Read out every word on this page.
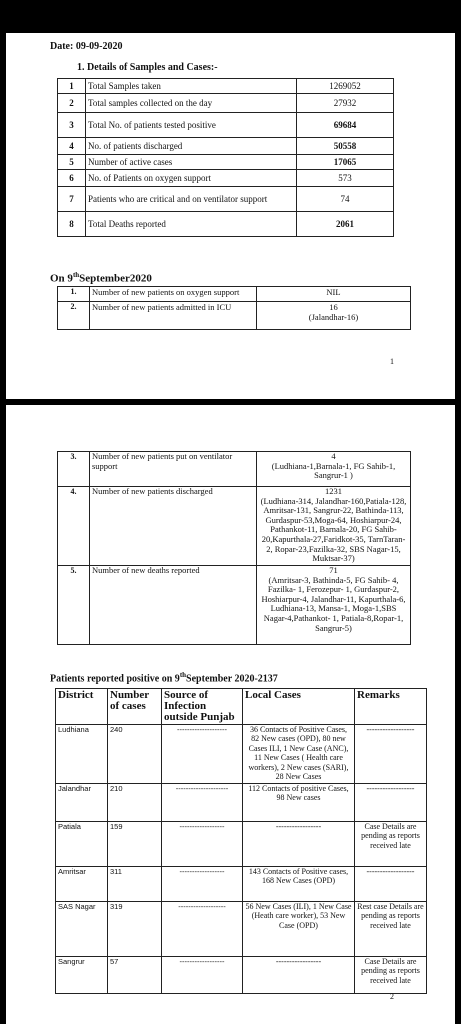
Date: 09-09-2020
1. Details of Samples and Cases:-
1	Total Samples taken	1269052
2	Total samples collected on the day	27932
3	Total No. of patients tested positive	69684
4	No. of patients discharged	50558
5	Number of active cases	17065
6	No. of Patients on oxygen support	573
7	Patients who are critical and on ventilator support	74
8	Total Deaths reported	2061
On 9thSeptember2020
1.	Number of new patients on oxygen support	NIL

2.	Number of new patients admitted in ICU	16
(Jalandhar-16)
1
3.	Number of new patients put on ventilator support	4
(Ludhiana-1,Barnala-1, FG Sahib-1, Sangrur-1 )

4.	Number of new patients discharged	1231
(Ludhiana-314, Jalandhar-160,Patiala-128, Amritsar-131, Sangrur-22, Bathinda-113, Gurdaspur-53,Moga-64, Hoshiarpur-24, Pathankot-11, Barnala-20, FG Sahib-20,Kapurthala-27,Faridkot-35, TarnTaran-2, Ropar-23,Fazilka-32, SBS Nagar-15, Muktsar-37)

5.	Number of new deaths reported	71
(Amritsar-3, Bathinda-5, FG Sahib- 4, Fazilka- 1, Ferozepur- 1, Gurdaspur-2, Hoshiarpur-4, Jalandhar-11, Kapurthala-6, Ludhiana-13, Mansa-1, Moga-1,SBS Nagar-4,Pathankot- 1, Patiala-8,Ropar-1, Sangrur-5)
Patients reported positive on 9thSeptember 2020-2137
District	Number of cases	Source of Infection outside Punjab	Local Cases	Remarks
Ludhiana	240	--------------------	36 Contacts of Positive Cases, 82 New cases (OPD), 80 new Cases ILI, 1 New Case (ANC), 11 New Cases ( Health care workers), 2 New cases (SARI), 28 New Cases	------------------
Jalandhar	210	---------------------	112 Contacts of positive Cases, 98 New cases	------------------
Patiala	159	------------------	-----------------	Case Details are pending as reports received late
Amritsar	311	------------------	143 Contacts of Positive cases, 168 New Cases (OPD)	------------------
SAS Nagar	319	-------------------	56 New Cases (ILI), 1 New Case (Heath care worker), 53 New Case (OPD)	Rest case Details are pending as reports received late
Sangrur	57	------------------	-----------------	Case Details are pending as reports received late
2
